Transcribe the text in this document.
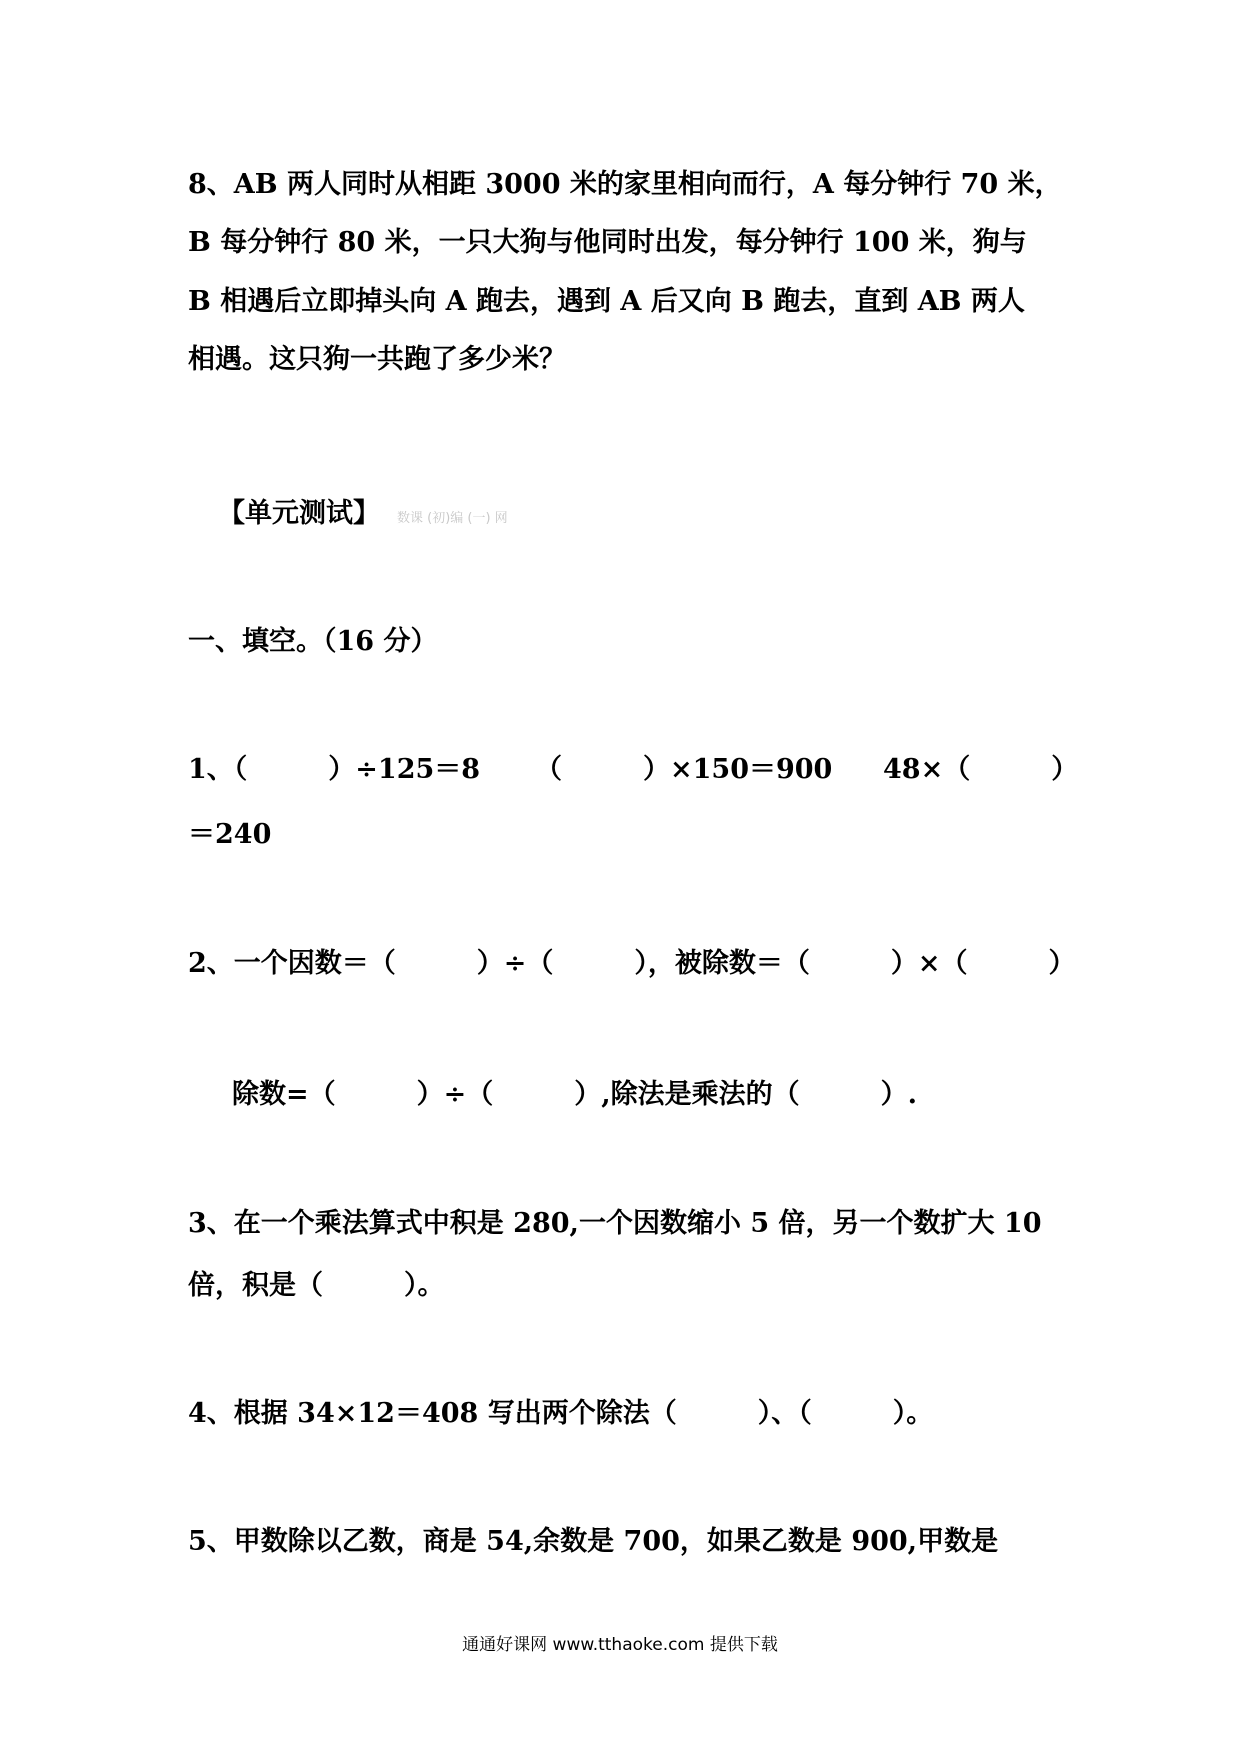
8、AB 两人同时从相距 3000 米的家里相向而行，A 每分钟行 70 米，
B 每分钟行 80 米，一只大狗与他同时出发，每分钟行 100 米，狗与
B 相遇后立即掉头向 A 跑去，遇到 A 后又向 B 跑去，直到 AB 两人
相遇。这只狗一共跑了多少米？
【单元测试】 数课 (初)编 (一) 网
一、填空。（16 分）
1、（　　　）÷125＝8 （　　　）×150＝900 48×（　　　）
＝240
2、一个因数＝（　　　）÷（　　　），被除数＝（　　　）×（　　　）
除数=（　　　）÷（　　　）,除法是乘法的（　　　）.
3、在一个乘法算式中积是 280,一个因数缩小 5 倍，另一个数扩大 10
倍，积是（　　　）。
4、根据 34×12＝408 写出两个除法（　　　）、（　　　）。
5、甲数除以乙数，商是 54,余数是 700，如果乙数是 900,甲数是
通通好课网 www.tthaoke.com 提供下载
